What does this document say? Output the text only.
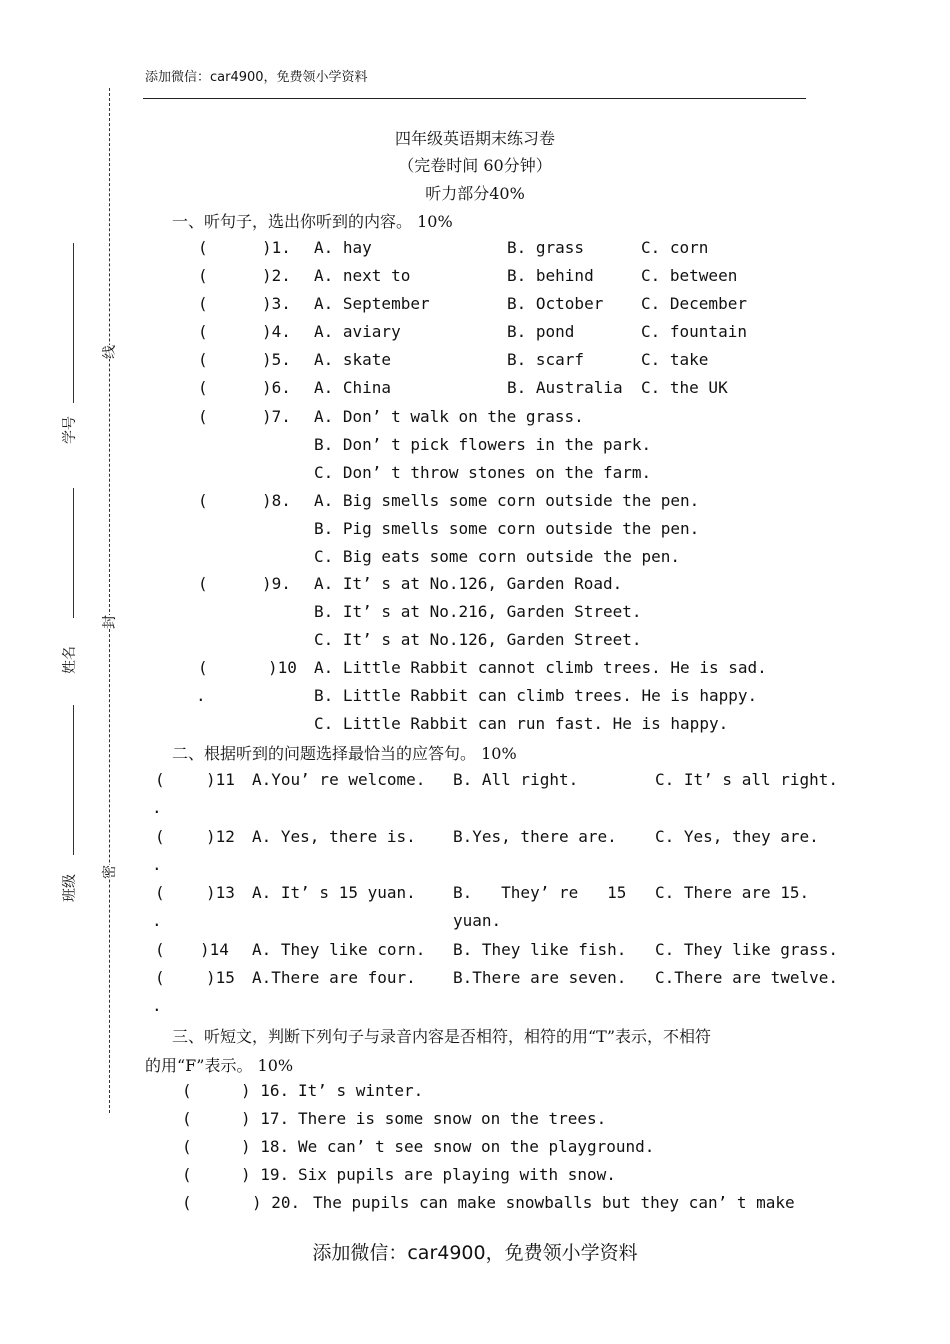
添加微信：car4900，免费领小学资料
线
封
密
学号
姓名
班级
四年级英语期末练习卷
（完卷时间 60分钟）
听力部分40%
一、听句子，选出你听到的内容。 10%
(	)1. A. hay	B. grass	C. corn
(	)2. A. next to	B. behind	C. between
(	)3. A. September	B. October C. December
(	)4. A. aviary	B. pond	C. fountain
(	)5. A. skate	B. scarf	C. take
(	)6. A. China	B. Australia C. the UK
(	)7. A. Don’ t walk on the grass.
B. Don’ t pick flowers in the park.
C. Don’ t throw stones on the farm.
(	)8. A. Big smells some corn outside the pen.
B. Pig smells some corn outside the pen.
C. Big eats some corn outside the pen.
(	)9. A. It’ s at No.126, Garden Road.
B. It’ s at No.216, Garden Street.
C. It’ s at No.126, Garden Street.
(	)10
.
A. Little Rabbit cannot climb trees. He is sad.
B. Little Rabbit can climb trees. He is happy.
C. Little Rabbit can run fast. He is happy.
二、根据听到的问题选择最恰当的应答句。 10%
(	)11 A.You’ re welcome. B. All right.	C. It’ s all right.
.
(	)12 A. Yes, there is. B.Yes, there are. C. Yes, they are.
.
(	)13 A. It’ s 15 yuan. B.   They’ re   15
yuan.
C. There are 15.
.
( )14 A. They like corn. B. They like fish. C. They like grass.
(	)15 A.There are four. B.There are seven. C.There are twelve.
.
三、听短文，判断下列句子与录音内容是否相符，相符的用“T”表示，不相符
的用“F”表示。 10%
(	) 16. It’ s winter.
(	) 17. There is some snow on the trees.
(	) 18. We can’ t see snow on the playground.
(	) 19. Six pupils are playing with snow.
(	) 20. The pupils can make snowballs but they can’ t make
添加微信：car4900，免费领小学资料
